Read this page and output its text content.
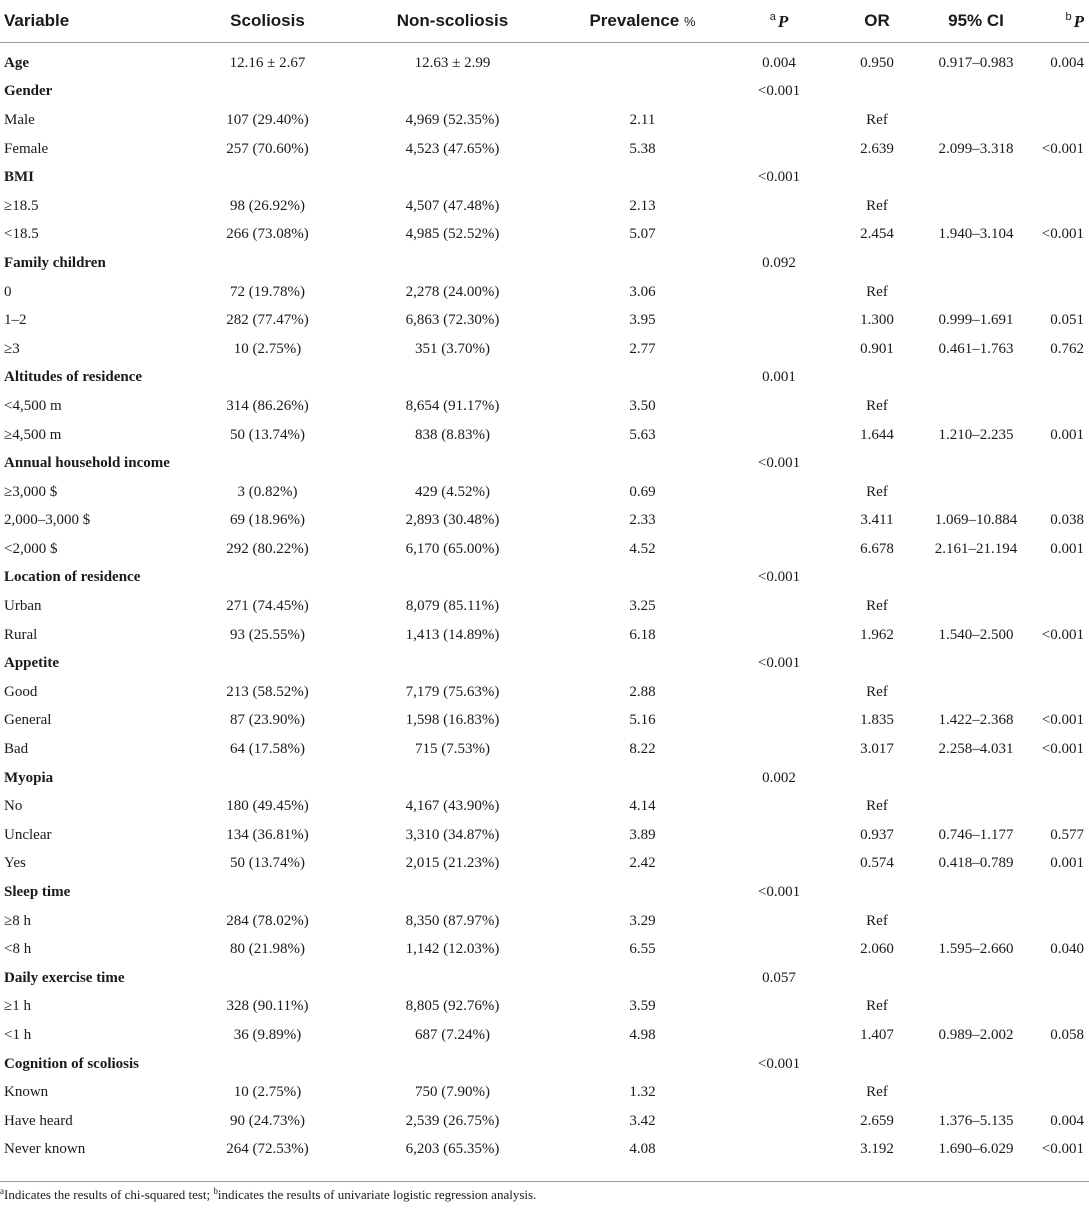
Variable	Scoliosis	Non-scoliosis	Prevalence %	$^a$ P	OR	95% CI	$^b$ P
Age	12.16 ± 2.67	12.63 ± 2.99		0.004	0.950	0.917–0.983	0.004
Gender				<0.001			
Male	107 (29.40%)	4,969 (52.35%)	2.11		Ref		
Female	257 (70.60%)	4,523 (47.65%)	5.38		2.639	2.099–3.318	<0.001
BMI				<0.001			
≥18.5	98 (26.92%)	4,507 (47.48%)	2.13		Ref		
<18.5	266 (73.08%)	4,985 (52.52%)	5.07		2.454	1.940–3.104	<0.001
Family children				0.092			
0	72 (19.78%)	2,278 (24.00%)	3.06		Ref		
1–2	282 (77.47%)	6,863 (72.30%)	3.95		1.300	0.999–1.691	0.051
≥3	10 (2.75%)	351 (3.70%)	2.77		0.901	0.461–1.763	0.762
Altitudes of residence				0.001			
<4,500 m	314 (86.26%)	8,654 (91.17%)	3.50		Ref		
≥4,500 m	50 (13.74%)	838 (8.83%)	5.63		1.644	1.210–2.235	0.001
Annual household income				<0.001			
≥3,000 $	3 (0.82%)	429 (4.52%)	0.69		Ref		
2,000–3,000 $	69 (18.96%)	2,893 (30.48%)	2.33		3.411	1.069–10.884	0.038
<2,000 $	292 (80.22%)	6,170 (65.00%)	4.52		6.678	2.161–21.194	0.001
Location of residence				<0.001			
Urban	271 (74.45%)	8,079 (85.11%)	3.25		Ref		
Rural	93 (25.55%)	1,413 (14.89%)	6.18		1.962	1.540–2.500	<0.001
Appetite				<0.001			
Good	213 (58.52%)	7,179 (75.63%)	2.88		Ref		
General	87 (23.90%)	1,598 (16.83%)	5.16		1.835	1.422–2.368	<0.001
Bad	64 (17.58%)	715 (7.53%)	8.22		3.017	2.258–4.031	<0.001
Myopia				0.002			
No	180 (49.45%)	4,167 (43.90%)	4.14		Ref		
Unclear	134 (36.81%)	3,310 (34.87%)	3.89		0.937	0.746–1.177	0.577
Yes	50 (13.74%)	2,015 (21.23%)	2.42		0.574	0.418–0.789	0.001
Sleep time				<0.001			
≥8 h	284 (78.02%)	8,350 (87.97%)	3.29		Ref		
<8 h	80 (21.98%)	1,142 (12.03%)	6.55		2.060	1.595–2.660	0.040
Daily exercise time				0.057			
≥1 h	328 (90.11%)	8,805 (92.76%)	3.59		Ref		
<1 h	36 (9.89%)	687 (7.24%)	4.98		1.407	0.989–2.002	0.058
Cognition of scoliosis				<0.001			
Known	10 (2.75%)	750 (7.90%)	1.32		Ref		
Have heard	90 (24.73%)	2,539 (26.75%)	3.42		2.659	1.376–5.135	0.004
Never known	264 (72.53%)	6,203 (65.35%)	4.08		3.192	1.690–6.029	<0.001
$^a$Indicates the results of chi-squared test; $^b$indicates the results of univariate logistic regression analysis.
